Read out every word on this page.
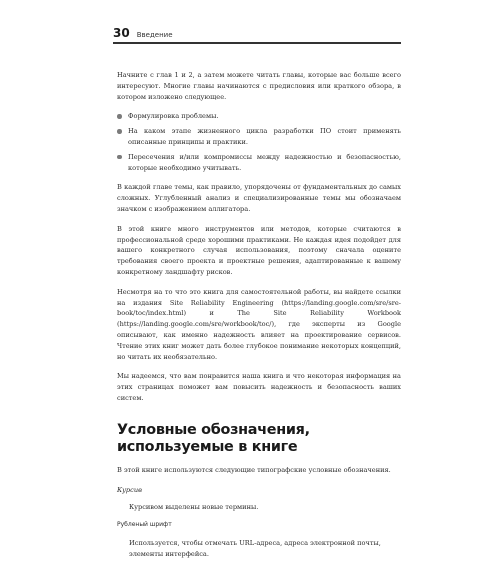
30 Введение

Начните с глав 1 и 2, а затем можете читать главы, которые вас больше всего интересуют. Многие главы начинаются с предисловия или краткого обзора, в котором изложено следующее.

Формулировка проблемы.
На каком этапе жизненного цикла разработки ПО стоит применять описанные принципы и практики.
Пересечения и/или компромиссы между надежностью и безопасностью, которые необходимо учитывать.

В каждой главе темы, как правило, упорядочены от фундаментальных до самых сложных. Углубленный анализ и специализированные темы мы обозначаем значком с изображением аллигатора.

В этой книге много инструментов или методов, которые считаются в профессиональной среде хорошими практиками. Не каждая идея подойдет для вашего конкретного случая использования, поэтому сначала оцените требования своего проекта и проектные решения, адаптированные к вашему конкретному ландшафту рисков.

Несмотря на то что это книга для самостоятельной работы, вы найдете ссылки на издания Site Reliability Engineering (https://landing.google.com/sre/sre-book/toc/index.html) и The Site Reliability Workbook (https://landing.google.com/sre/workbook/toc/), где эксперты из Google описывают, как именно надежность влияет на проектирование сервисов. Чтение этих книг может дать более глубокое понимание некоторых концепций, но читать их необязательно.

Мы надеемся, что вам понравится наша книга и что некоторая информация на этих страницах поможет вам повысить надежность и безопасность ваших систем.

Условные обозначения,
используемые в книге

В этой книге используются следующие типографские условные обозначения.

Курсив
Курсивом выделены новые термины.
Рубленый шрифт
Используется, чтобы отмечать URL-адреса, адреса электронной почты, элементы интерфейса.
